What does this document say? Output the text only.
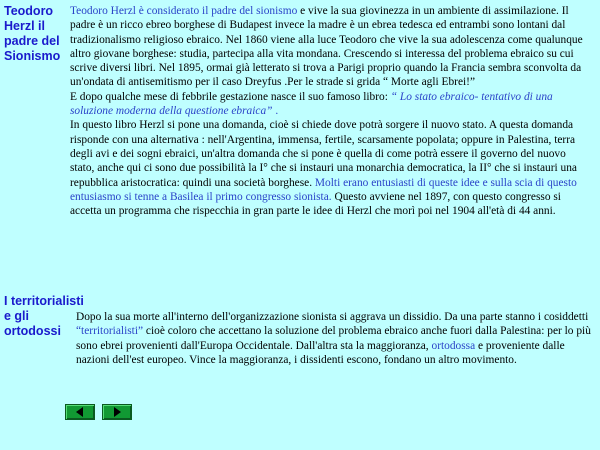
Teodoro
Herzl il
padre del
Sionismo
Teodoro Herzl è considerato il padre del sionismo e vive la sua giovinezza in un ambiente di assimilazione. Il padre è un ricco ebreo borghese di Budapest invece la madre è un ebrea tedesca ed entrambi sono lontani dal tradizionalismo religioso ebraico. Nel 1860 viene alla luce Teodoro che vive la sua adolescenza come qualunque altro giovane borghese: studia, partecipa alla vita mondana. Crescendo si interessa del problema ebraico su cui scrive diversi libri. Nel 1895, ormai già letterato si trova a Parigi proprio quando la Francia sembra sconvolta da un'ondata di antisemitismo per il caso Dreyfus .Per le strade si grida “ Morte agli Ebrei!”
E dopo qualche mese di febbrile gestazione nasce il suo famoso libro: “ Lo stato ebraico- tentativo di una soluzione moderna della questione ebraica” .
In questo libro Herzl si pone una domanda, cioè si chiede dove potrà sorgere il nuovo stato. A questa domanda risponde con una alternativa : nell'Argentina, immensa, fertile, scarsamente popolata; oppure in Palestina, terra degli avi e dei sogni ebraici, un'altra domanda che si pone è quella di come potrà essere il governo del nuovo stato, anche qui ci sono due possibilità la I° che si instauri una monarchia democratica, la II° che si instauri una repubblica aristocratica: quindi una società borghese. Molti erano entusiasti di queste idee e sulla scia di questo entusiasmo si tenne a Basilea il primo congresso sionista. Questo avviene nel 1897, con questo congresso si accetta un programma che rispecchia in gran parte le idee di Herzl che morì poi nel 1904 all'età di 44 anni.
I territorialisti
e gli
ortodossi
Dopo la sua morte all'interno dell'organizzazione sionista si aggrava un dissidio. Da una parte stanno i cosiddetti “territorialisti” cioè coloro che accettano la soluzione del problema ebraico anche fuori dalla Palestina: per lo più sono ebrei provenienti dall'Europa Occidentale. Dall'altra sta la maggioranza, ortodossa e proveniente dalle nazioni dell'est europeo. Vince la maggioranza, i dissidenti escono, fondano un altro movimento.
